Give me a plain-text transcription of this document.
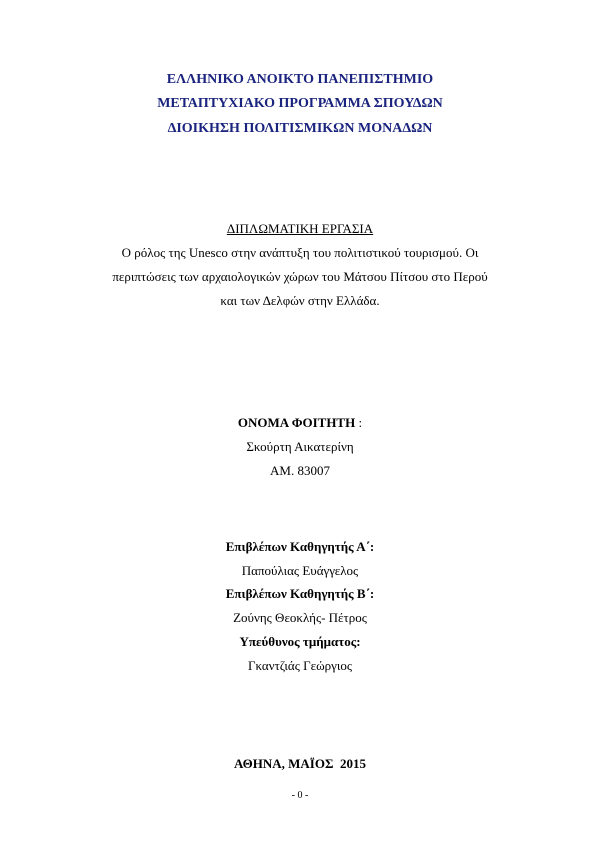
ΕΛΛΗΝΙΚΟ ΑΝΟΙΚΤΟ ΠΑΝΕΠΙΣΤΗΜΙΟ
ΜΕΤΑΠΤΥΧΙΑΚΟ ΠΡΟΓΡΑΜΜΑ ΣΠΟΥΔΩΝ
ΔΙΟΙΚΗΣΗ ΠΟΛΙΤΙΣΜΙΚΩΝ ΜΟΝΑΔΩΝ
ΔΙΠΛΩΜΑΤΙΚΗ ΕΡΓΑΣΙΑ
Ο ρόλος της Unesco στην ανάπτυξη του πολιτιστικού τουρισμού. Οι
περιπτώσεις των αρχαιολογικών χώρων του Μάτσου Πίτσου στο Περού
και των Δελφών στην Ελλάδα.
ΟΝΟΜΑ ΦΟΙΤΗΤΗ :
Σκούρτη Αικατερίνη
ΑΜ. 83007
Επιβλέπων Καθηγητής Α΄:
Παπούλιας Ευάγγελος
Επιβλέπων Καθηγητής Β΄:
Ζούνης Θεοκλής- Πέτρος
Υπεύθυνος τμήματος:
Γκαντζιάς Γεώργιος
ΑΘΗΝΑ, ΜΑΪΟΣ  2015
- 0 -
